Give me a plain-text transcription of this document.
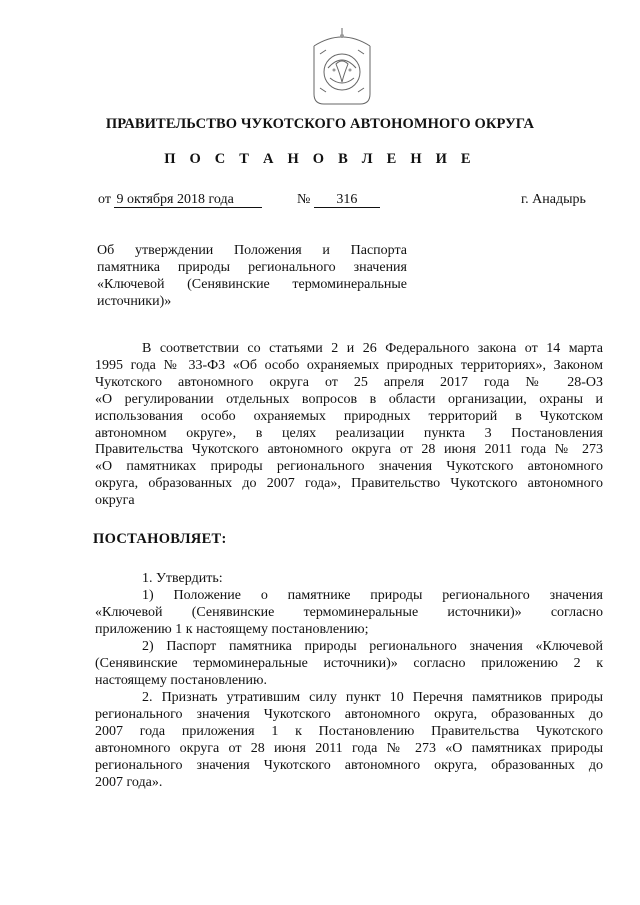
ПРАВИТЕЛЬСТВО ЧУКОТСКОГО АВТОНОМНОГО ОКРУГА
П О С Т А Н О В Л Е Н И Е
от 9 октября 2018 года	№ 316	г. Анадырь

Об утверждении Положения и Паспорта

памятника природы регионального значения

«Ключевой (Сенявинские термоминеральные

источники)»

В соответствии со статьями 2 и 26 Федерального закона от 14 марта

1995 года № 33-ФЗ «Об особо охраняемых природных территориях», Законом

Чукотского автономного округа от 25 апреля 2017 года № 28-ОЗ

«О регулировании отдельных вопросов в области организации, охраны и

использования особо охраняемых природных территорий в Чукотском

автономном округе», в целях реализации пункта 3 Постановления

Правительства Чукотского автономного округа от 28 июня 2011 года № 273

«О памятниках природы регионального значения Чукотского автономного

округа, образованных до 2007 года», Правительство Чукотского автономного

округа

ПОСТАНОВЛЯЕТ:

1. Утвердить:

1) Положение о памятнике природы регионального значения

«Ключевой (Сенявинские термоминеральные источники)» согласно

приложению 1 к настоящему постановлению;

2) Паспорт памятника природы регионального значения «Ключевой

(Сенявинские термоминеральные источники)» согласно приложению 2 к

настоящему постановлению.

2. Признать утратившим силу пункт 10 Перечня памятников природы

регионального значения Чукотского автономного округа, образованных до

2007 года приложения 1 к Постановлению Правительства Чукотского

автономного округа от 28 июня 2011 года № 273 «О памятниках природы

регионального значения Чукотского автономного округа, образованных до

2007 года».
